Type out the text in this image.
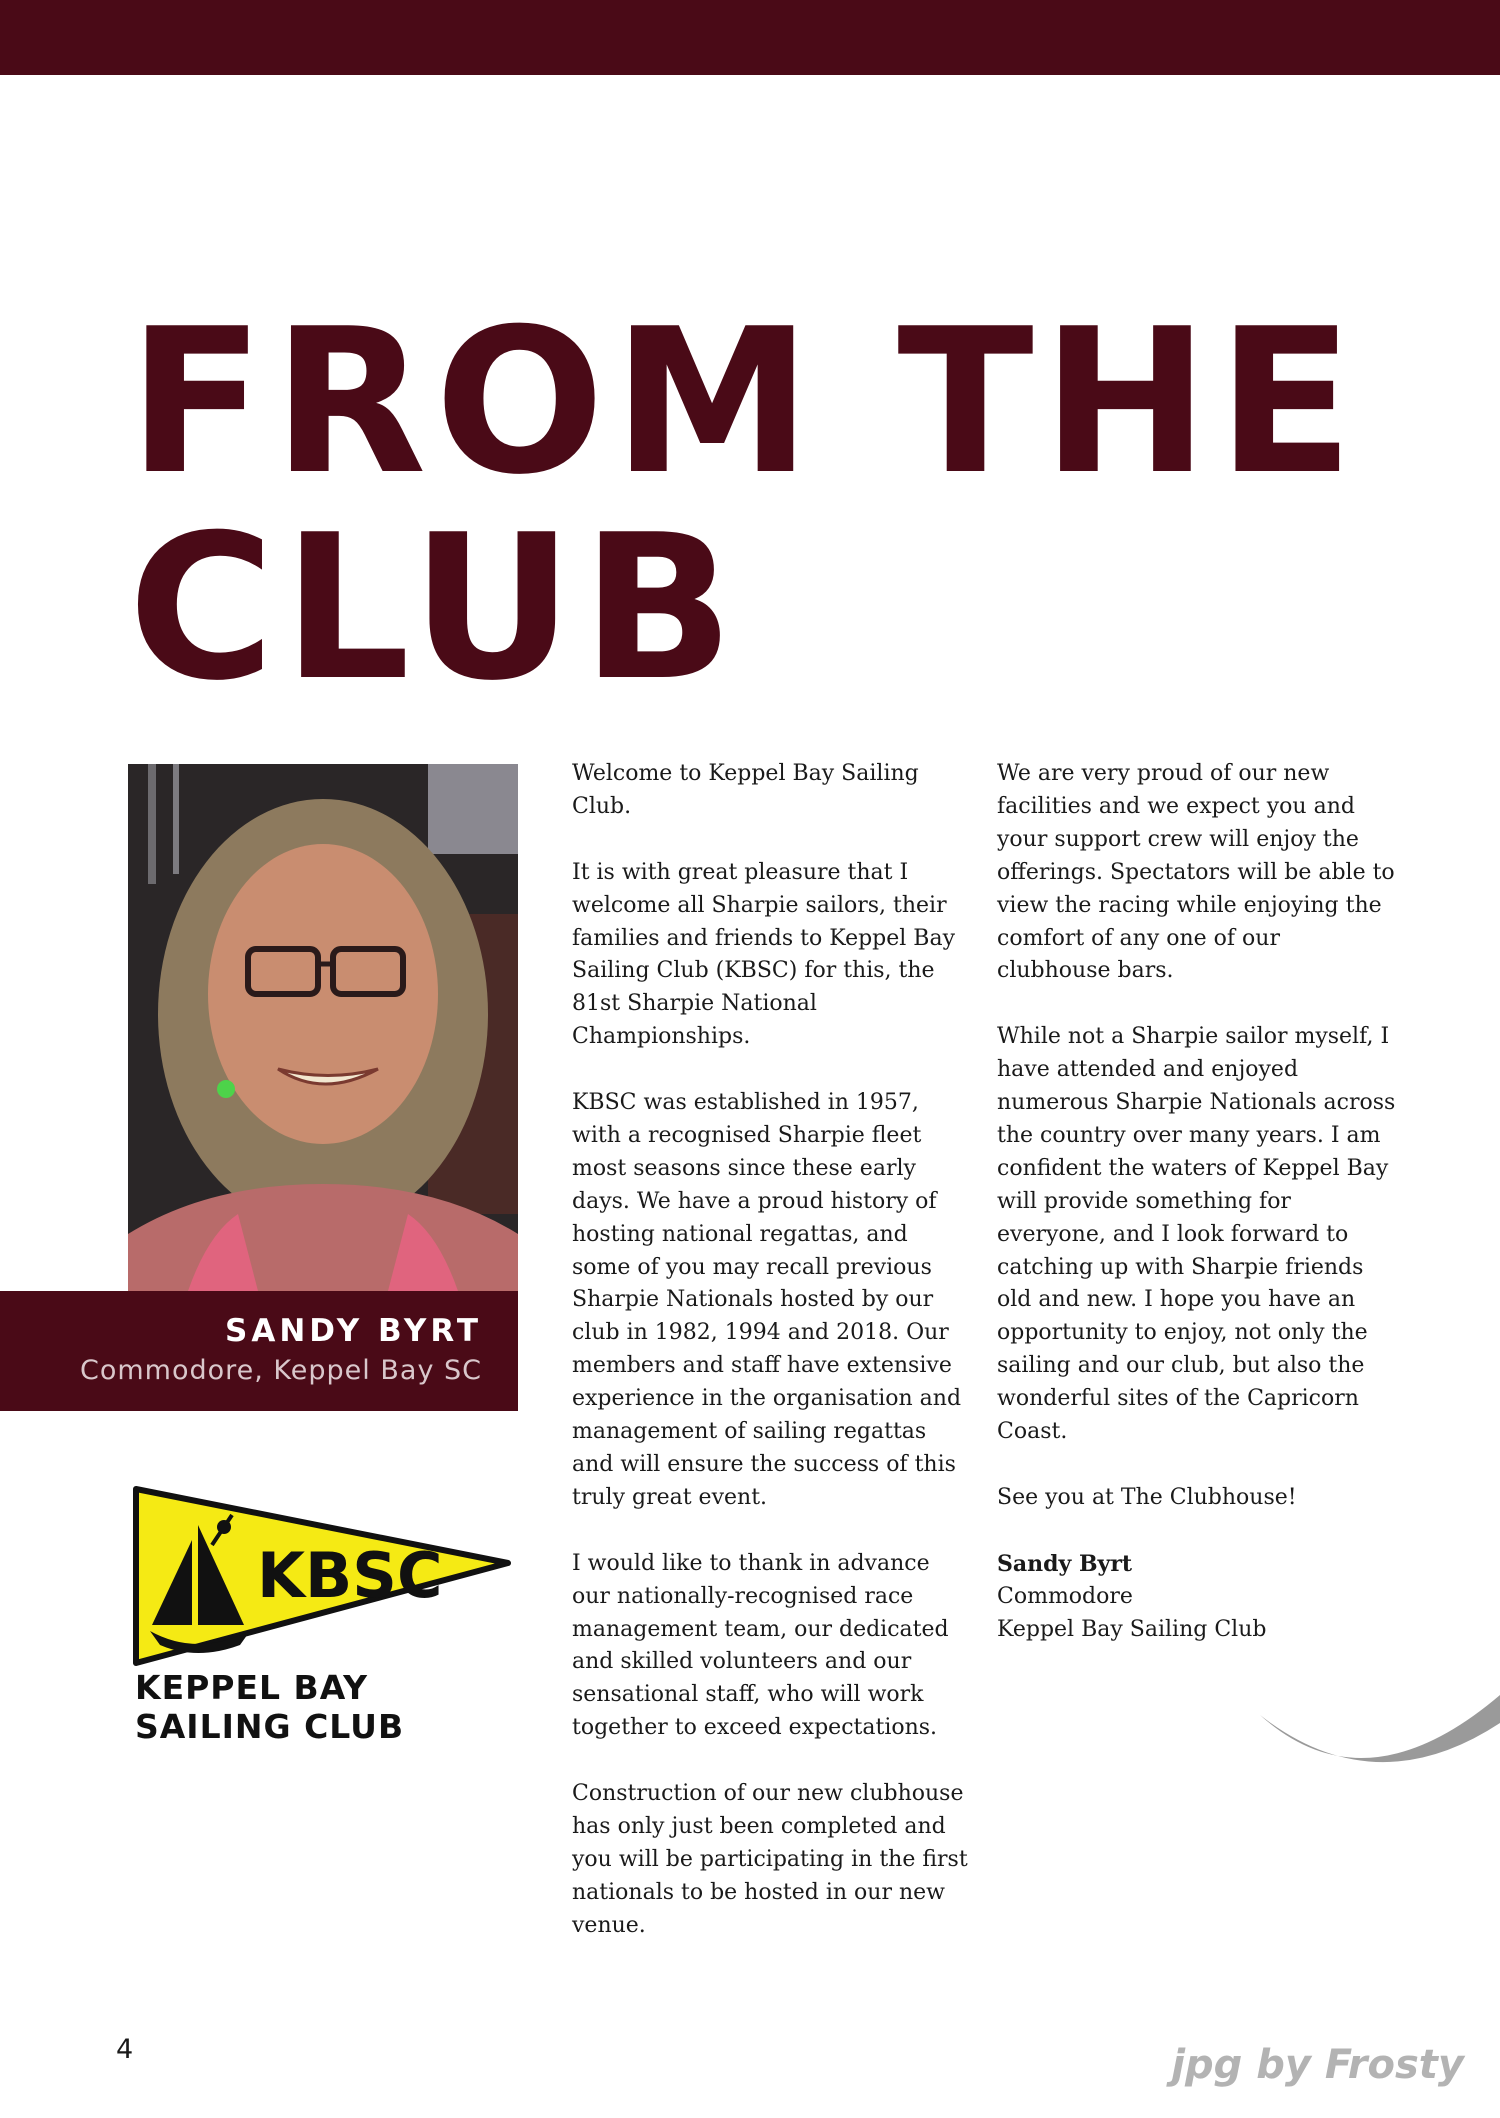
FROM THE
CLUB
SANDY BYRT
Commodore, Keppel Bay SC
KBSC
KEPPEL BAY SAILING CLUB

Welcome to Keppel Bay Sailing Club.

It is with great pleasure that I welcome all Sharpie sailors, their families and friends to Keppel Bay Sailing Club (KBSC) for this, the 81st Sharpie National Championships.

KBSC was established in 1957, with a recognised Sharpie fleet most seasons since these early days. We have a proud history of hosting national regattas, and some of you may recall previous Sharpie Nationals hosted by our club in 1982, 1994 and 2018. Our members and staff have extensive experience in the organisation and management of sailing regattas and will ensure the success of this truly great event.

I would like to thank in advance our nationally-recognised race management team, our dedicated and skilled volunteers and our sensational staff, who will work together to exceed expectations.

Construction of our new clubhouse has only just been completed and you will be participating in the first nationals to be hosted in our new venue.

We are very proud of our new facilities and we expect you and your support crew will enjoy the offerings. Spectators will be able to view the racing while enjoying the comfort of any one of our clubhouse bars.

While not a Sharpie sailor myself, I have attended and enjoyed numerous Sharpie Nationals across the country over many years. I am confident the waters of Keppel Bay will provide something for everyone, and I look forward to catching up with Sharpie friends old and new. I hope you have an opportunity to enjoy, not only the sailing and our club, but also the wonderful sites of the Capricorn Coast.

See you at The Clubhouse!

Sandy Byrt

Commodore

Keppel Bay Sailing Club

4	jpg by Frosty
